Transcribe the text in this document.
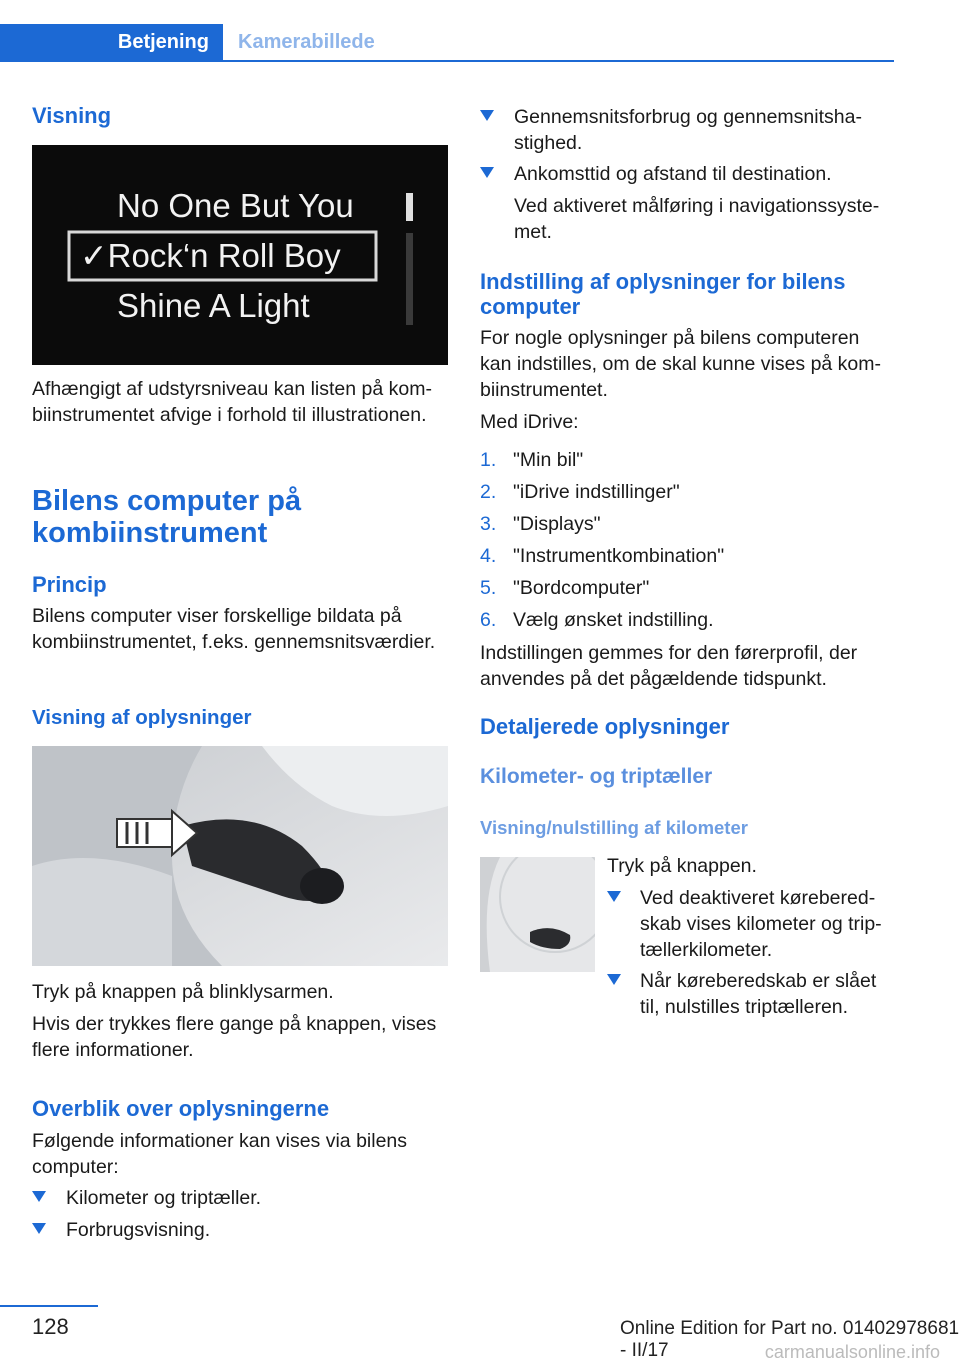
Betjening	Kamerabillede
Visning
No One But You
✓Rock‘n Roll Boy
Shine A Light

Afhængigt af udstyrsniveau kan listen på kombiinstrumentet afvige i forhold til illustrationen.

Bilens computer på kombiinstrument
Princip

Bilens computer viser forskellige bildata på kombiinstrumentet, f.eks. gennemsnitsværdier.

Visning af oplysninger

Tryk på knappen på blinklysarmen.

Hvis der trykkes flere gange på knappen, vises flere informationer.

Overblik over oplysningerne

Følgende informationer kan vises via bilens computer:

Kilometer og triptæller.
Forbrugsvisning.
Gennemsnitsforbrug og gennemsnitshastighed.
Ankomsttid og afstand til destination.

Ved aktiveret målføring i navigationssystemet.

Indstilling af oplysninger for bilens computer

For nogle oplysninger på bilens computeren kan indstilles, om de skal kunne vises på kombiinstrumentet.

Med iDrive:

1. "Min bil"
2. "iDrive indstillinger"
3. "Displays"
4. "Instrumentkombination"
5. "Bordcomputer"
6. Vælg ønsket indstilling.

Indstillingen gemmes for den førerprofil, der anvendes på det pågældende tidspunkt.

Detaljerede oplysninger
Kilometer- og triptæller
Visning/nulstilling af kilometer

Tryk på knappen.

Ved deaktiveret køreberedskab vises kilometer og triptællerkilometer.
Når køreberedskab er slået til, nulstilles triptælleren.
128	Online Edition for Part no. 01402978681 - II/17	carmanualsonline.info
